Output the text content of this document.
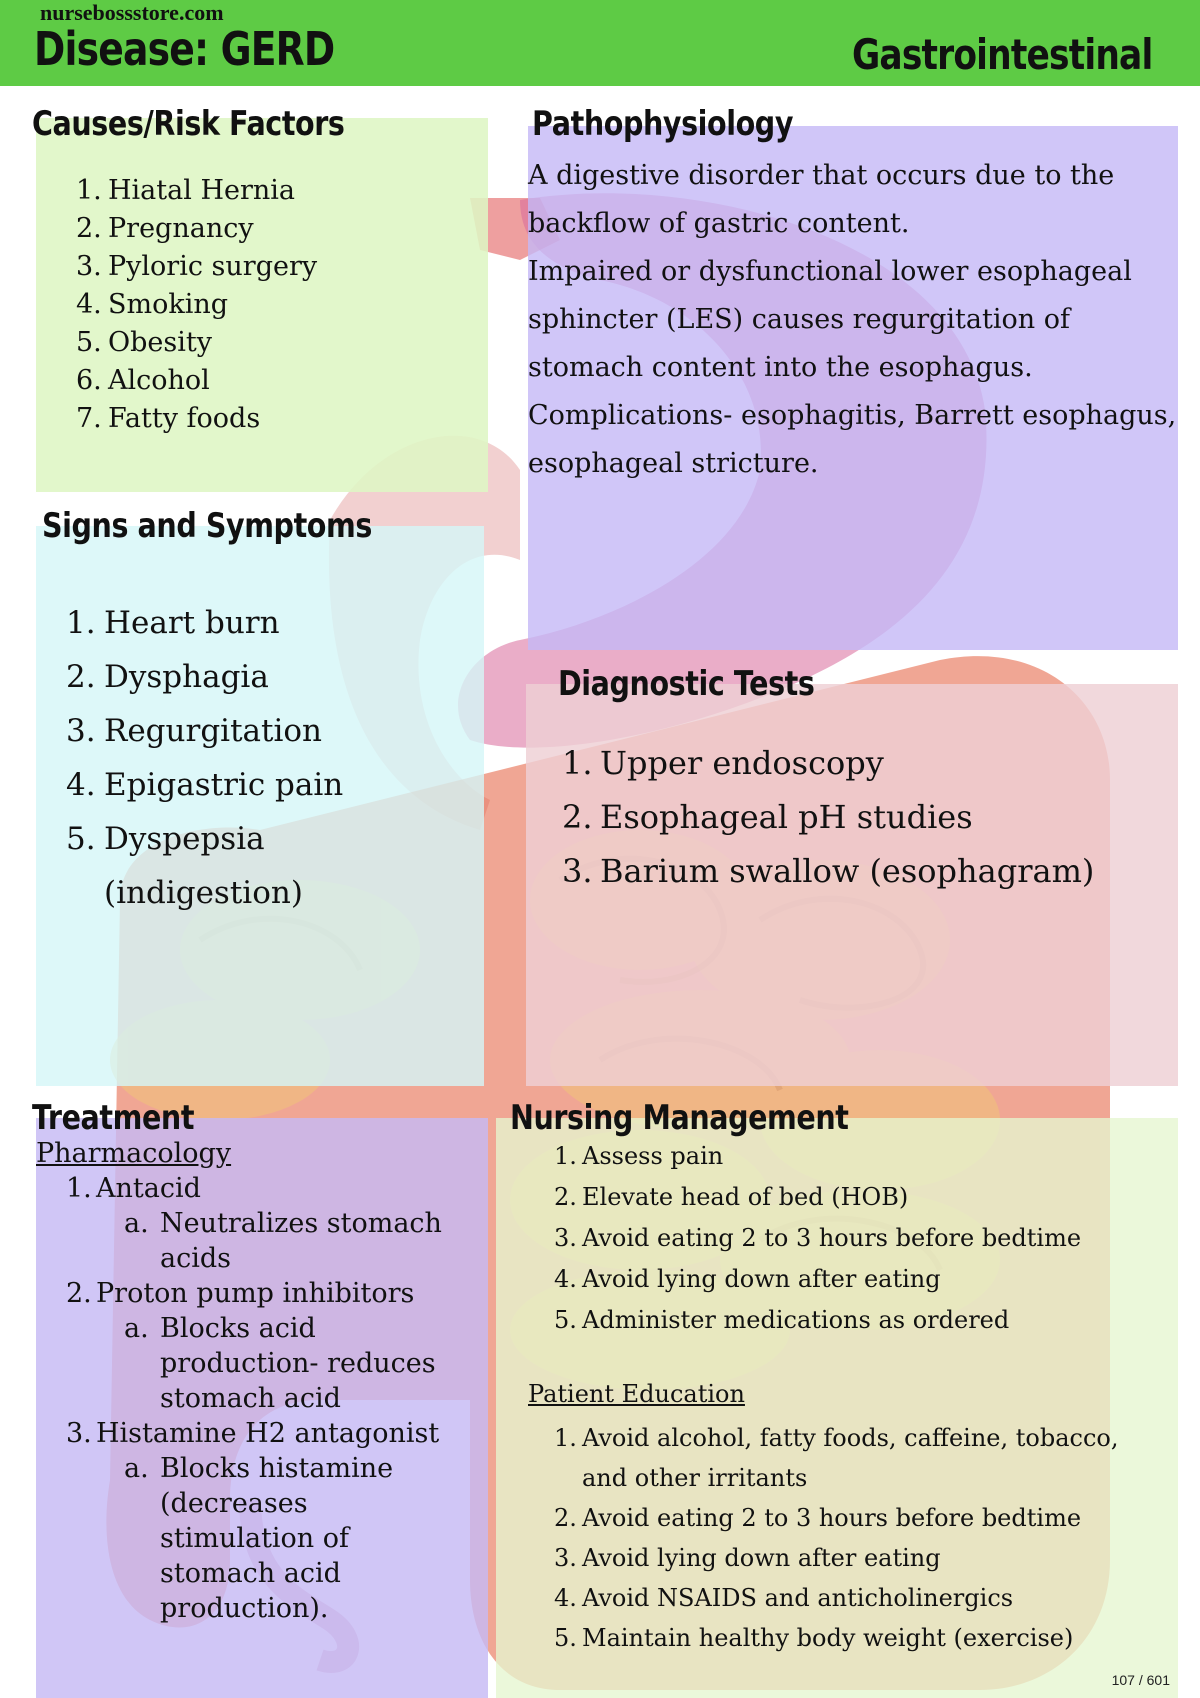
nursebossstore.com
Disease: GERD	Gastrointestinal
Causes/Risk Factors
1. Hiatal Hernia
2. Pregnancy
3. Pyloric surgery
4. Smoking
5. Obesity
6. Alcohol
7. Fatty foods
Pathophysiology

A digestive disorder that occurs due to the backflow of gastric content.

Impaired or dysfunctional lower esophageal sphincter (LES) causes regurgitation of stomach content into the esophagus.

Complications- esophagitis, Barrett esophagus, esophageal stricture.

Signs and Symptoms
1. Heart burn
2. Dysphagia
3. Regurgitation
4. Epigastric pain
5. Dyspepsia
(indigestion)
Diagnostic Tests
1. Upper endoscopy
2. Esophageal pH studies
3. Barium swallow (esophagram)
Treatment
Pharmacology
1. Antacid
a. Neutralizes stomach
acids
2. Proton pump inhibitors
a. Blocks acid
production- reduces
stomach acid
3. Histamine H2 antagonist
a. Blocks histamine
(decreases
stimulation of
stomach acid
production).
Nursing Management
1. Assess pain
2. Elevate head of bed (HOB)
3. Avoid eating 2 to 3 hours before bedtime
4. Avoid lying down after eating
5. Administer medications as ordered
Patient Education
1. Avoid alcohol, fatty foods, caffeine, tobacco,
and other irritants
2. Avoid eating 2 to 3 hours before bedtime
3. Avoid lying down after eating
4. Avoid NSAIDS and anticholinergics
5. Maintain healthy body weight (exercise)
107 / 601
